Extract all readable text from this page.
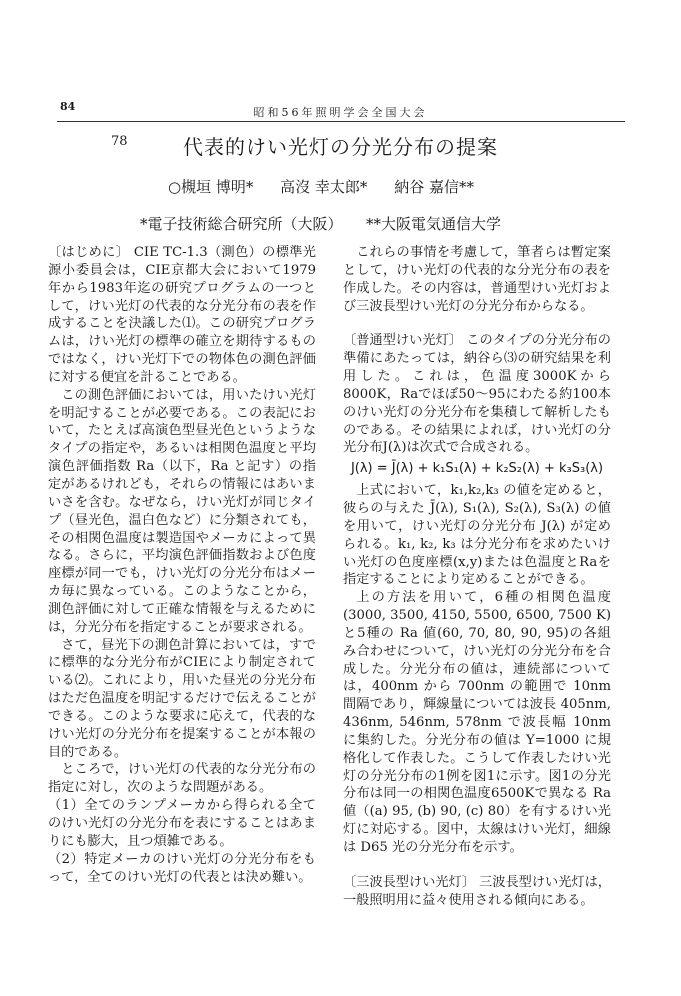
84	昭和56年照明学会全国大会
78	代表的けい光灯の分光分布の提案
○槻垣 博明* 高沒 幸太郎* 納谷 嘉信**
*電子技術総合研究所（大阪） **大阪電気通信大学

〔はじめに〕 CIE TC-1.3（測色）の標準光源小委員会は，CIE京都大会において1979年から1983年迄の研究プログラムの一つとして，けい光灯の代表的な分光分布の表を作成することを決議した⑴。この研究プログラムは，けい光灯の標準の確立を期待するものではなく，けい光灯下での物体色の測色評価に対する便宜を計ることである。

この測色評価においては，用いたけい光灯を明記することが必要である。この表記において，たとえば高演色型昼光色というようなタイプの指定や，あるいは相関色温度と平均演色評価指数 Ra（以下，Ra と記す）の指定があるけれども，それらの情報にはあいまいさを含む。なぜなら，けい光灯が同じタイプ（昼光色，温白色など）に分類されても，その相関色温度は製造国やメーカによって異なる。さらに，平均演色評価指数および色度座標が同一でも，けい光灯の分光分布はメーカ毎に異なっている。このようなことから，測色評価に対して正確な情報を与えるためには，分光分布を指定することが要求される。

さて，昼光下の測色計算においては，すでに標準的な分光分布がCIEにより制定されている⑵。これにより，用いた昼光の分光分布はただ色温度を明記するだけで伝えることができる。このような要求に応えて，代表的なけい光灯の分光分布を提案することが本報の目的である。

ところで，けい光灯の代表的な分光分布の指定に対し，次のような問題がある。

（1）全てのランプメーカから得られる全てのけい光灯の分光分布を表にすることはあまりにも膨大，且つ煩雑である。

（2）特定メーカのけい光灯の分光分布をもって，全てのけい光灯の代表とは決め難い。

これらの事情を考慮して，筆者らは暫定案として，けい光灯の代表的な分光分布の表を作成した。その内容は，普通型けい光灯および三波長型けい光灯の分光分布からなる。

〔普通型けい光灯〕 このタイプの分光分布の準備にあたっては，納谷ら⑶の研究結果を利用した。これは，色温度3000Kから8000K，Raでほぼ50～95にわたる約100本のけい光灯の分光分布を集積して解析したものである。その結果によれば，けい光灯の分光分布J(λ)は次式で合成される。

J(λ) = J̄(λ) + k₁S₁(λ) + k₂S₂(λ) + k₃S₃(λ)

上式において，k₁,k₂,k₃ の値を定めると，彼らの与えた J̄(λ), S₁(λ), S₂(λ), S₃(λ) の値を用いて，けい光灯の分光分布 J(λ) が定められる。k₁, k₂, k₃ は分光分布を求めたいけい光灯の色度座標(x,y)または色温度とRaを指定することにより定めることができる。

上の方法を用いて，6種の相関色温度(3000, 3500, 4150, 5500, 6500, 7500 K)と5種の Ra 値(60, 70, 80, 90, 95)の各組み合わせについて，けい光灯の分光分布を合成した。分光分布の値は，連続部については，400nm から 700nm の範囲で 10nm 間隔であり，輝線量については波長 405nm, 436nm, 546nm, 578nm で波長幅 10nm に集約した。分光分布の値は Y=1000 に規格化して作表した。こうして作表したけい光灯の分光分布の1例を図1に示す。図1の分光分布は同一の相関色温度6500Kで異なる Ra 値（(a) 95, (b) 90, (c) 80）を有するけい光灯に対応する。図中，太線はけい光灯，細線は D65 光の分光分布を示す。

〔三波長型けい光灯〕 三波長型けい光灯は，一般照明用に益々使用される傾向にある。
